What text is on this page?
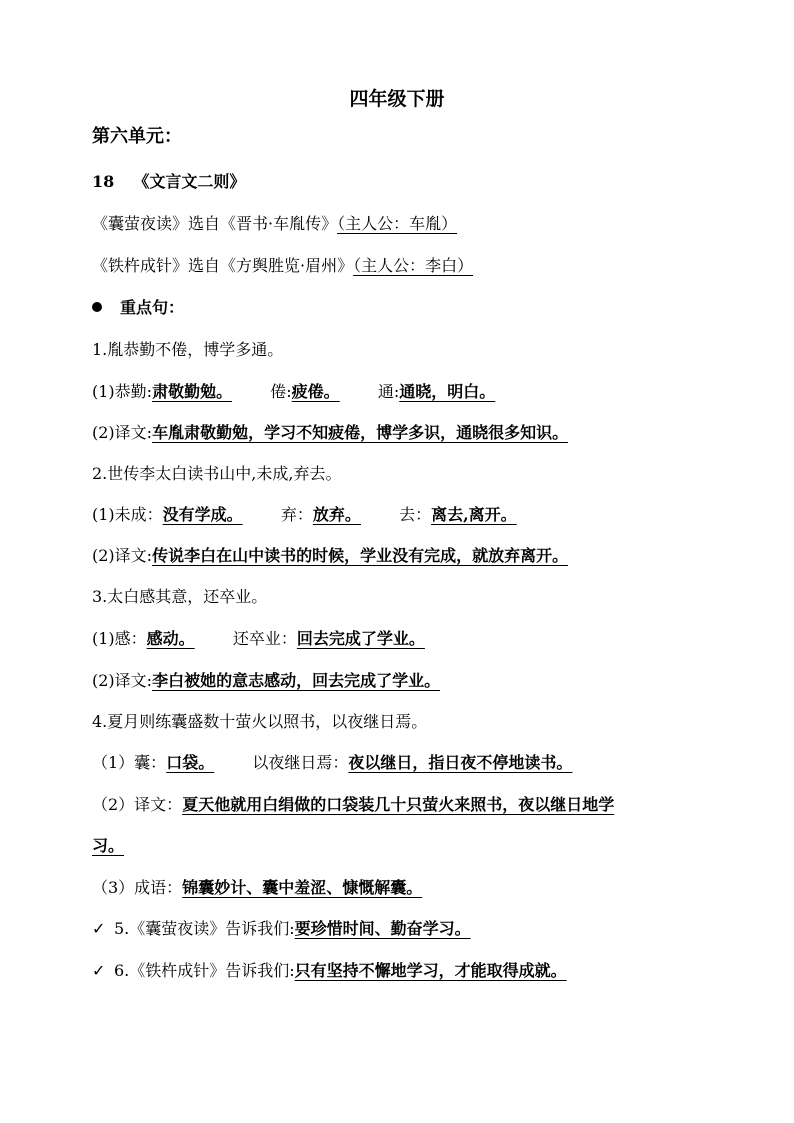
四年级下册
第六单元：
18 《文言文二则》
《囊萤夜读》选自《晋书·车胤传》（主人公：车胤）
《铁杵成针》选自《方舆胜览·眉州》（主人公：李白）
重点句：
1.胤恭勤不倦，博学多通。
(1)恭勤:肃敬勤勉。 倦:疲倦。 通:通晓，明白。
(2)译文:车胤肃敬勤勉，学习不知疲倦，博学多识，通晓很多知识。
2.世传李太白读书山中,未成,弃去。
(1)未成：没有学成。 弃：放弃。 去：离去,离开。
(2)译文:传说李白在山中读书的时候，学业没有完成，就放弃离开。
3.太白感其意，还卒业。
(1)感：感动。 还卒业：回去完成了学业。
(2)译文:李白被她的意志感动，回去完成了学业。
4.夏月则练囊盛数十萤火以照书，以夜继日焉。
（1）囊：口袋。 以夜继日焉：夜以继日，指日夜不停地读书。
（2）译文：夏天他就用白绢做的口袋装几十只萤火来照书，夜以继日地学
习。
（3）成语：锦囊妙计、囊中羞涩、慷慨解囊。
✓ 5.《囊萤夜读》告诉我们:要珍惜时间、勤奋学习。
✓ 6.《铁杵成针》告诉我们:只有坚持不懈地学习，才能取得成就。
